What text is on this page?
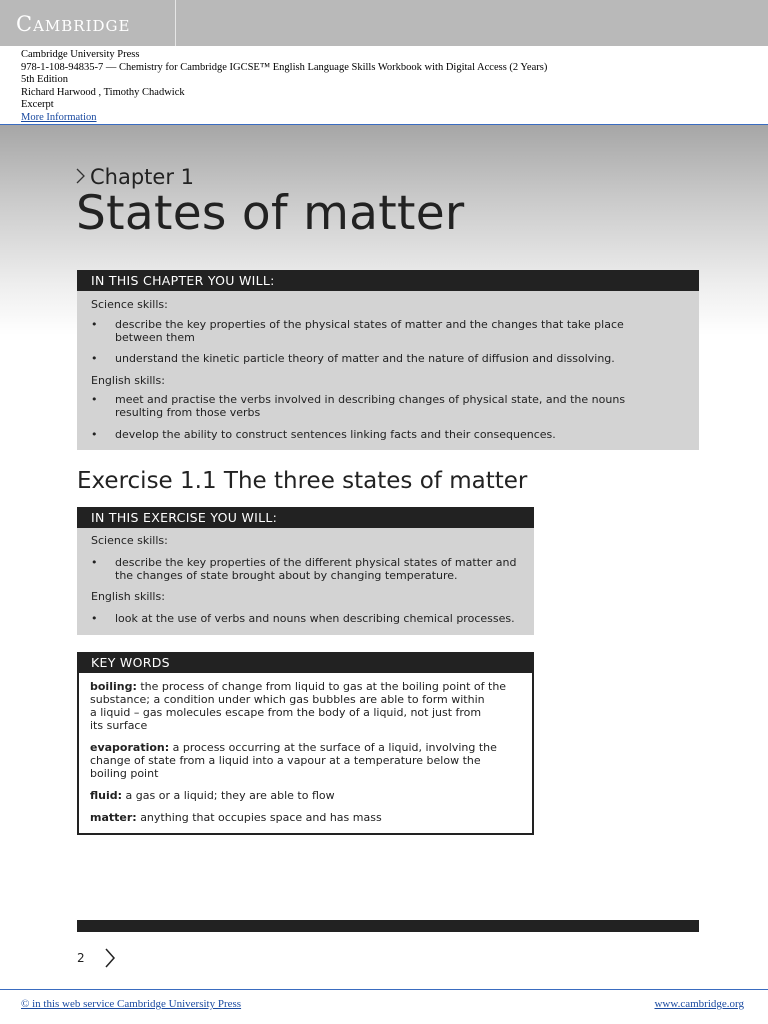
Cambridge
Cambridge University Press
978-1-108-94835-7 — Chemistry for Cambridge IGCSE™ English Language Skills Workbook with Digital Access (2 Years)
5th Edition
Richard Harwood , Timothy Chadwick
Excerpt
More Information
Chapter 1
States of matter
IN THIS CHAPTER YOU WILL:
Science skills:
• describe the key properties of the physical states of matter and the changes that take place
between them
• understand the kinetic particle theory of matter and the nature of diffusion and dissolving.
English skills:
• meet and practise the verbs involved in describing changes of physical state, and the nouns
resulting from those verbs
• develop the ability to construct sentences linking facts and their consequences.
Exercise 1.1 The three states of matter
IN THIS EXERCISE YOU WILL:
Science skills:
• describe the key properties of the different physical states of matter and
the changes of state brought about by changing temperature.
English skills:
• look at the use of verbs and nouns when describing chemical processes.
KEY WORDS
boiling: the process of change from liquid to gas at the boiling point of the
substance; a condition under which gas bubbles are able to form within
a liquid – gas molecules escape from the body of a liquid, not just from
its surface
evaporation: a process occurring at the surface of a liquid, involving the
change of state from a liquid into a vapour at a temperature below the
boiling point
fluid: a gas or a liquid; they are able to flow
matter: anything that occupies space and has mass
2
© in this web service Cambridge University Press	www.cambridge.org
